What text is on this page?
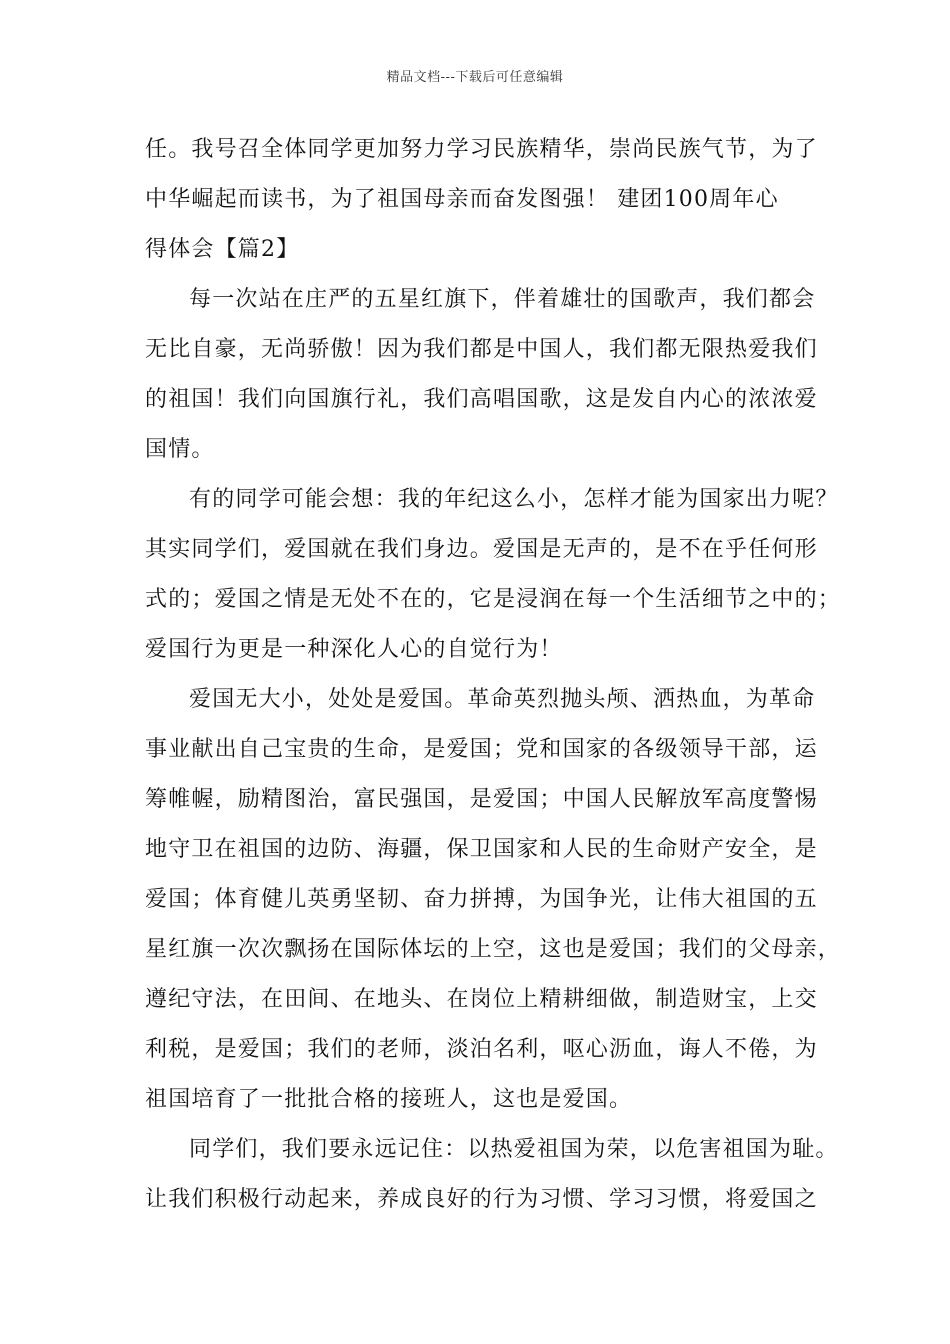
精品文档---下载后可任意编辑
任。我号召全体同学更加努力学习民族精华，崇尚民族气节，为了
中华崛起而读书，为了祖国母亲而奋发图强！ 建团100周年心
得体会【篇2】
每一次站在庄严的五星红旗下，伴着雄壮的国歌声，我们都会
无比自豪，无尚骄傲！因为我们都是中国人，我们都无限热爱我们
的祖国！我们向国旗行礼，我们高唱国歌，这是发自内心的浓浓爱
国情。
有的同学可能会想：我的年纪这么小，怎样才能为国家出力呢？
其实同学们，爱国就在我们身边。爱国是无声的，是不在乎任何形
式的；爱国之情是无处不在的，它是浸润在每一个生活细节之中的；
爱国行为更是一种深化人心的自觉行为！
爱国无大小，处处是爱国。革命英烈抛头颅、洒热血，为革命
事业献出自己宝贵的生命，是爱国；党和国家的各级领导干部，运
筹帷幄，励精图治，富民强国，是爱国；中国人民解放军高度警惕
地守卫在祖国的边防、海疆，保卫国家和人民的生命财产安全，是
爱国；体育健儿英勇坚韧、奋力拼搏，为国争光，让伟大祖国的五
星红旗一次次飘扬在国际体坛的上空，这也是爱国；我们的父母亲，
遵纪守法，在田间、在地头、在岗位上精耕细做，制造财宝，上交
利税，是爱国；我们的老师，淡泊名利，呕心沥血，诲人不倦，为
祖国培育了一批批合格的接班人，这也是爱国。
同学们，我们要永远记住：以热爱祖国为荣，以危害祖国为耻。
让我们积极行动起来，养成良好的行为习惯、学习习惯，将爱国之
